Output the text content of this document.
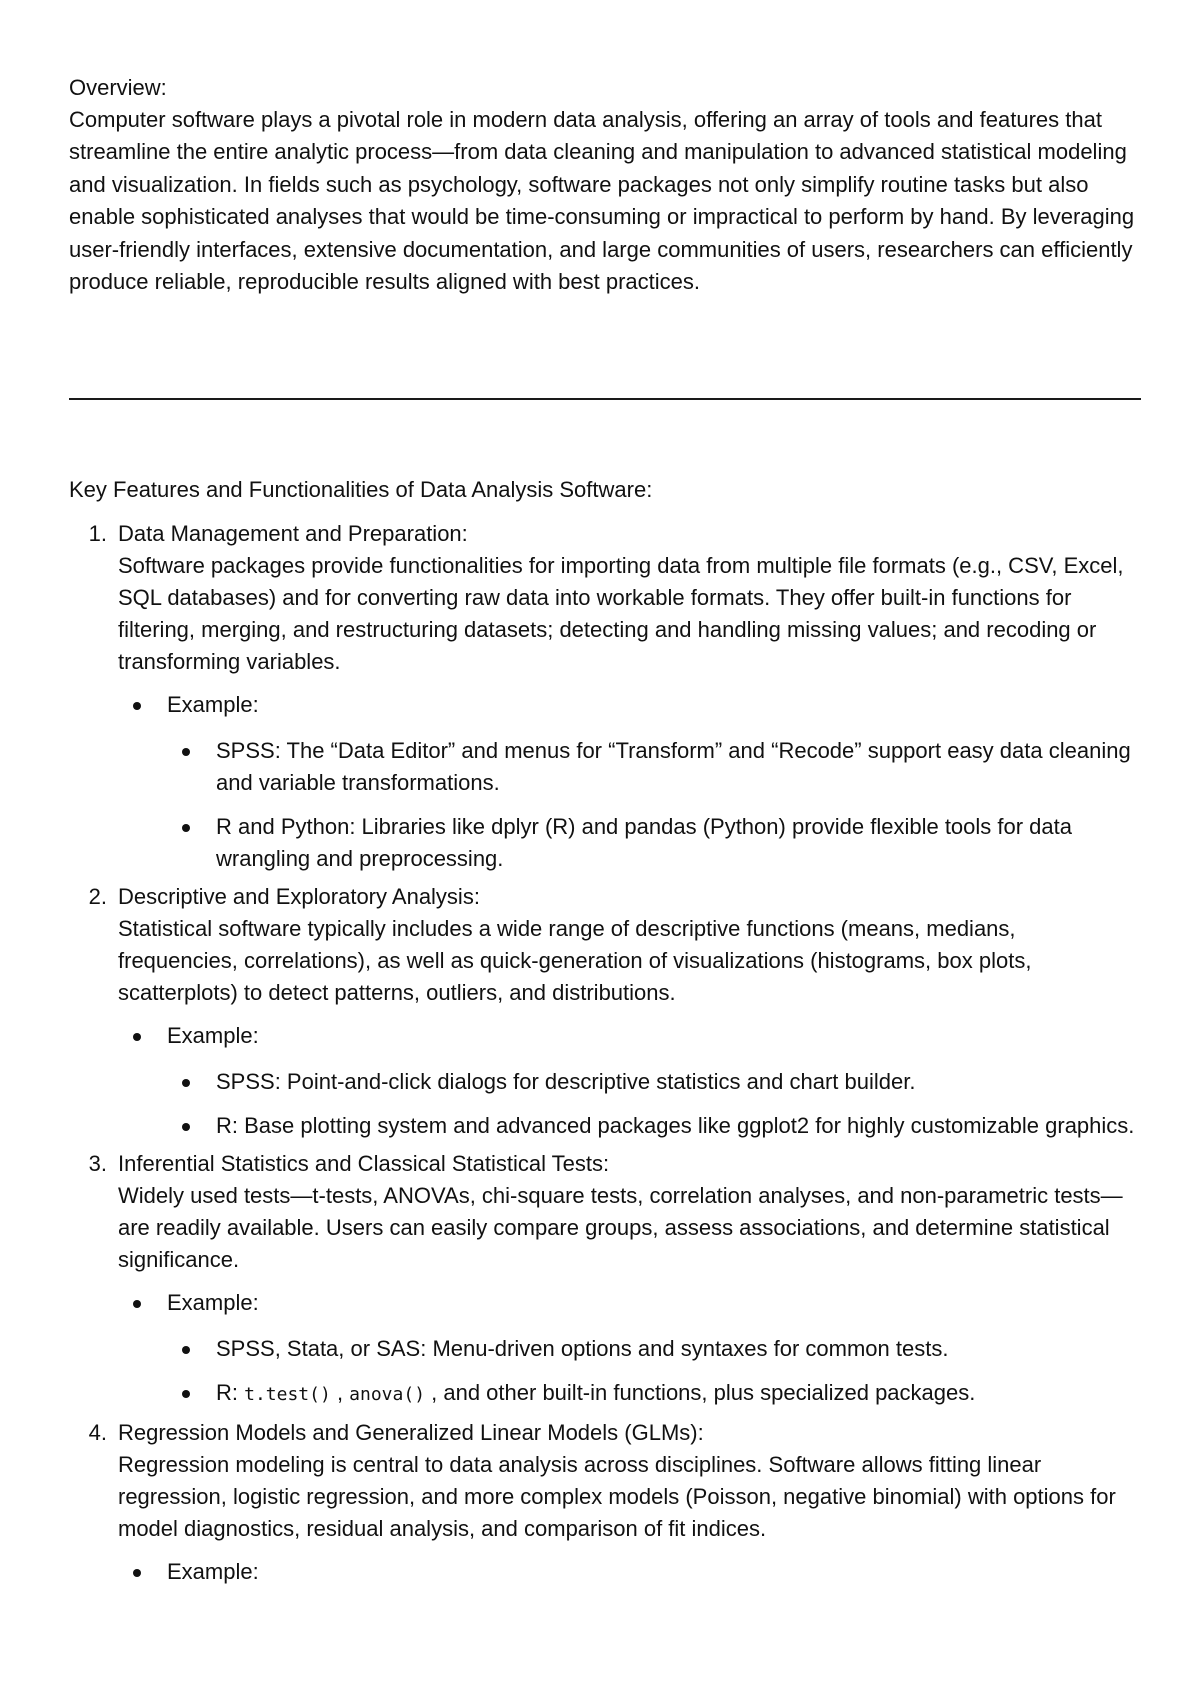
Overview:

Computer software plays a pivotal role in modern data analysis, offering an array of tools and features that streamline the entire analytic process—from data cleaning and manipulation to advanced statistical modeling and visualization. In fields such as psychology, software packages not only simplify routine tasks but also enable sophisticated analyses that would be time-consuming or impractical to perform by hand. By leveraging user-friendly interfaces, extensive documentation, and large communities of users, researchers can efficiently produce reliable, reproducible results aligned with best practices.

Key Features and Functionalities of Data Analysis Software:

1. Data Management and Preparation:

Software packages provide functionalities for importing data from multiple file formats (e.g., CSV, Excel, SQL databases) and for converting raw data into workable formats. They offer built-in functions for filtering, merging, and restructuring datasets; detecting and handling missing values; and recoding or transforming variables.

Example:
SPSS: The “Data Editor” and menus for “Transform” and “Recode” support easy data cleaning and variable transformations.
R and Python: Libraries like dplyr (R) and pandas (Python) provide flexible tools for data wrangling and preprocessing.
2. Descriptive and Exploratory Analysis:

Statistical software typically includes a wide range of descriptive functions (means, medians, frequencies, correlations), as well as quick-generation of visualizations (histograms, box plots, scatterplots) to detect patterns, outliers, and distributions.

Example:
SPSS: Point-and-click dialogs for descriptive statistics and chart builder.
R: Base plotting system and advanced packages like ggplot2 for highly customizable graphics.
3. Inferential Statistics and Classical Statistical Tests:

Widely used tests—t-tests, ANOVAs, chi-square tests, correlation analyses, and non-parametric tests—are readily available. Users can easily compare groups, assess associations, and determine statistical significance.

Example:
SPSS, Stata, or SAS: Menu-driven options and syntaxes for common tests.
R: t.test() , anova() , and other built-in functions, plus specialized packages.
4. Regression Models and Generalized Linear Models (GLMs):

Regression modeling is central to data analysis across disciplines. Software allows fitting linear regression, logistic regression, and more complex models (Poisson, negative binomial) with options for model diagnostics, residual analysis, and comparison of fit indices.

Example:
